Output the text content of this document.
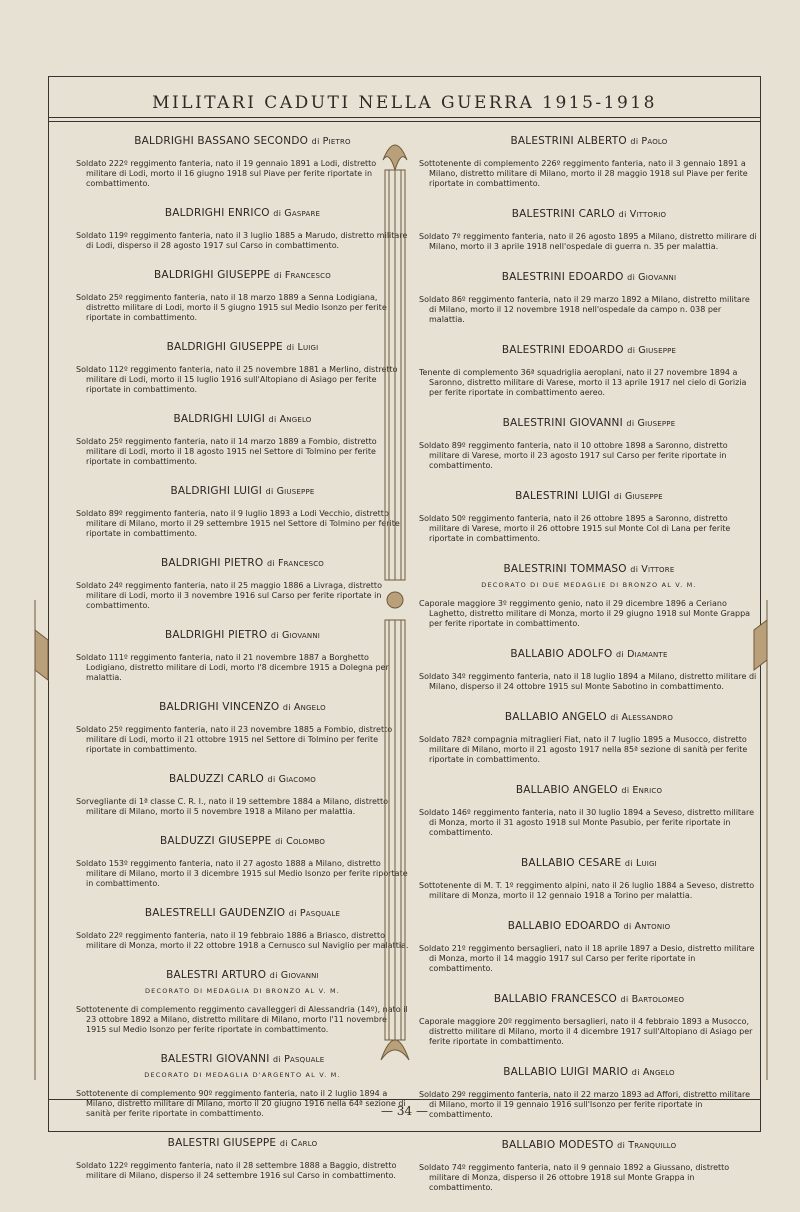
MILITARI CADUTI NELLA GUERRA 1915-1918
BALDRIGHI BASSANO SECONDO di Pietro
Soldato 222º reggimento fanteria, nato il 19 gennaio 1891 a Lodi, distretto militare di Lodi, morto il 16 giugno 1918 sul Piave per ferite riportate in combattimento.
BALDRIGHI ENRICO di Gaspare
Soldato 119º reggimento fanteria, nato il 3 luglio 1885 a Marudo, distretto militare di Lodi, disperso il 28 agosto 1917 sul Carso in combattimento.
BALDRIGHI GIUSEPPE di Francesco
Soldato 25º reggimento fanteria, nato il 18 marzo 1889 a Senna Lodigiana, distretto militare di Lodi, morto il 5 giugno 1915 sul Medio Isonzo per ferite riportate in combattimento.
BALDRIGHI GIUSEPPE di Luigi
Soldato 112º reggimento fanteria, nato il 25 novembre 1881 a Merlino, distretto militare di Lodi, morto il 15 luglio 1916 sull'Altopiano di Asiago per ferite riportate in combattimento.
BALDRIGHI LUIGI di Angelo
Soldato 25º reggimento fanteria, nato il 14 marzo 1889 a Fombio, distretto militare di Lodi, morto il 18 agosto 1915 nel Settore di Tolmino per ferite riportate in combattimento.
BALDRIGHI LUIGI di Giuseppe
Soldato 89º reggimento fanteria, nato il 9 luglio 1893 a Lodi Vecchio, distretto militare di Milano, morto il 29 settembre 1915 nel Settore di Tolmino per ferite riportate in combattimento.
BALDRIGHI PIETRO di Francesco
Soldato 24º reggimento fanteria, nato il 25 maggio 1886 a Livraga, distretto militare di Lodi, morto il 3 novembre 1916 sul Carso per ferite riportate in combattimento.
BALDRIGHI PIETRO di Giovanni
Soldato 111º reggimento fanteria, nato il 21 novembre 1887 a Borghetto Lodigiano, distretto militare di Lodi, morto l'8 dicembre 1915 a Dolegna per malattia.
BALDRIGHI VINCENZO di Angelo
Soldato 25º reggimento fanteria, nato il 23 novembre 1885 a Fombio, distretto militare di Lodi, morto il 21 ottobre 1915 nel Settore di Tolmino per ferite riportate in combattimento.
BALDUZZI CARLO di Giacomo
Sorvegliante di 1ª classe C. R. I., nato il 19 settembre 1884 a Milano, distretto militare di Milano, morto il 5 novembre 1918 a Milano per malattia.
BALDUZZI GIUSEPPE di Colombo
Soldato 153º reggimento fanteria, nato il 27 agosto 1888 a Milano, distretto militare di Milano, morto il 3 dicembre 1915 sul Medio Isonzo per ferite riportate in combattimento.
BALESTRELLI GAUDENZIO di Pasquale
Soldato 22º reggimento fanteria, nato il 19 febbraio 1886 a Briasco, distretto militare di Monza, morto il 22 ottobre 1918 a Cernusco sul Naviglio per malattia.
BALESTRI ARTURO di Giovanni
DECORATO DI MEDAGLIA DI BRONZO AL V. M.
Sottotenente di complemento reggimento cavalleggeri di Alessandria (14º), nato il 23 ottobre 1892 a Milano, distretto militare di Milano, morto l'11 novembre 1915 sul Medio Isonzo per ferite riportate in combattimento.
BALESTRI GIOVANNI di Pasquale
DECORATO DI MEDAGLIA D'ARGENTO AL V. M.
Sottotenente di complemento 90º reggimento fanteria, nato il 2 luglio 1894 a Milano, distretto militare di Milano, morto il 20 giugno 1916 nella 64ª sezione di sanità per ferite riportate in combattimento.
BALESTRI GIUSEPPE di Carlo
Soldato 122º reggimento fanteria, nato il 28 settembre 1888 a Baggio, distretto militare di Milano, disperso il 24 settembre 1916 sul Carso in combattimento.
BALESTRINI ALBERTO di Paolo
Sottotenente di complemento 226º reggimento fanteria, nato il 3 gennaio 1891 a Milano, distretto militare di Milano, morto il 28 maggio 1918 sul Piave per ferite riportate in combattimento.
BALESTRINI CARLO di Vittorio
Soldato 7º reggimento fanteria, nato il 26 agosto 1895 a Milano, distretto milirare di Milano, morto il 3 aprile 1918 nell'ospedale di guerra n. 35 per malattia.
BALESTRINI EDOARDO di Giovanni
Soldato 86º reggimento fanteria, nato il 29 marzo 1892 a Milano, distretto militare di Milano, morto il 12 novembre 1918 nell'ospedale da campo n. 038 per malattia.
BALESTRINI EDOARDO di Giuseppe
Tenente di complemento 36ª squadriglia aeroplani, nato il 27 novembre 1894 a Saronno, distretto militare di Varese, morto il 13 aprile 1917 nel cielo di Gorizia per ferite riportate in combattimento aereo.
BALESTRINI GIOVANNI di Giuseppe
Soldato 89º reggimento fanteria, nato il 10 ottobre 1898 a Saronno, distretto militare di Varese, morto il 23 agosto 1917 sul Carso per ferite riportate in combattimento.
BALESTRINI LUIGI di Giuseppe
Soldato 50º reggimento fanteria, nato il 26 ottobre 1895 a Saronno, distretto militare di Varese, morto il 26 ottobre 1915 sul Monte Col di Lana per ferite riportate in combattimento.
BALESTRINI TOMMASO di Vittore
DECORATO DI DUE MEDAGLIE DI BRONZO AL V. M.
Caporale maggiore 3º reggimento genio, nato il 29 dicembre 1896 a Ceriano Laghetto, distretto militare di Monza, morto il 29 giugno 1918 sul Monte Grappa per ferite riportate in combattimento.
BALLABIO ADOLFO di Diamante
Soldato 34º reggimento fanteria, nato il 18 luglio 1894 a Milano, distretto militare di Milano, disperso il 24 ottobre 1915 sul Monte Sabotino in combattimento.
BALLABIO ANGELO di Alessandro
Soldato 782ª compagnia mitraglieri Fiat, nato il 7 luglio 1895 a Musocco, distretto militare di Milano, morto il 21 agosto 1917 nella 85ª sezione di sanità per ferite riportate in combattimento.
BALLABIO ANGELO di Enrico
Soldato 146º reggimento fanteria, nato il 30 luglio 1894 a Seveso, distretto militare di Monza, morto il 31 agosto 1918 sul Monte Pasubio, per ferite riportate in combattimento.
BALLABIO CESARE di Luigi
Sottotenente di M. T. 1º reggimento alpini, nato il 26 luglio 1884 a Seveso, distretto militare di Monza, morto il 12 gennaio 1918 a Torino per malattia.
BALLABIO EDOARDO di Antonio
Soldato 21º reggimento bersaglieri, nato il 18 aprile 1897 a Desio, distretto militare di Monza, morto il 14 maggio 1917 sul Carso per ferite riportate in combattimento.
BALLABIO FRANCESCO di Bartolomeo
Caporale maggiore 20º reggimento bersaglieri, nato il 4 febbraio 1893 a Musocco, distretto militare di Milano, morto il 4 dicembre 1917 sull'Altopiano di Asiago per ferite riportate in combattimento.
BALLABIO LUIGI MARIO di Angelo
Soldato 29º reggimento fanteria, nato il 22 marzo 1893 ad Affori, distretto militare di Milano, morto il 19 gennaio 1916 sull'Isonzo per ferite riportate in combattimento.
BALLABIO MODESTO di Tranquillo
Soldato 74º reggimento fanteria, nato il 9 gennaio 1892 a Giussano, distretto militare di Monza, disperso il 26 ottobre 1918 sul Monte Grappa in combattimento.
— 34 —
